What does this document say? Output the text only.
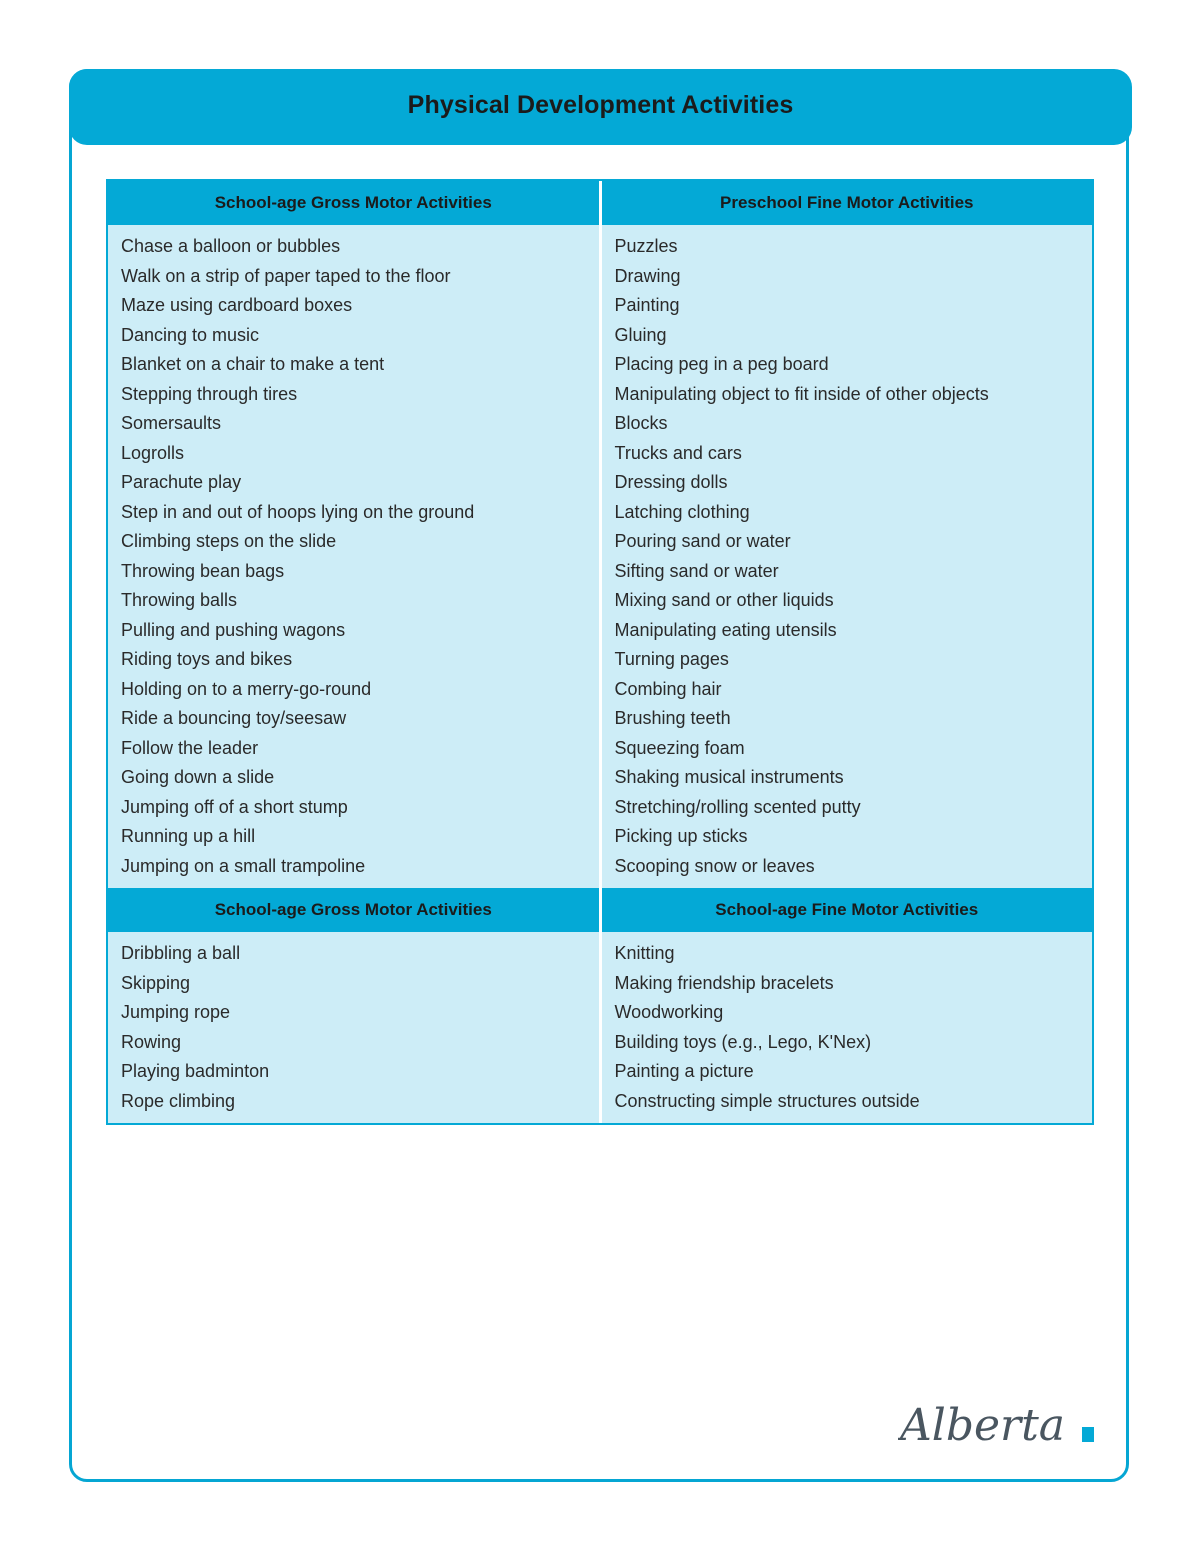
Physical Development Activities
School-age Gross Motor Activities	Preschool Fine Motor Activities
Chase a balloon or bubbles
Walk on a strip of paper taped to the floor
Maze using cardboard boxes
Dancing to music
Blanket on a chair to make a tent
Stepping through tires
Somersaults
Logrolls
Parachute play
Step in and out of hoops lying on the ground
Climbing steps on the slide
Throwing bean bags
Throwing balls
Pulling and pushing wagons
Riding toys and bikes
Holding on to a merry-go-round
Ride a bouncing toy/seesaw
Follow the leader
Going down a slide
Jumping off of a short stump
Running up a hill
Jumping on a small trampoline
Puzzles
Drawing
Painting
Gluing
Placing peg in a peg board
Manipulating object to fit inside of other objects
Blocks
Trucks and cars
Dressing dolls
Latching clothing
Pouring sand or water
Sifting sand or water
Mixing sand or other liquids
Manipulating eating utensils
Turning pages
Combing hair
Brushing teeth
Squeezing foam
Shaking musical instruments
Stretching/rolling scented putty
Picking up sticks
Scooping snow or leaves
School-age Gross Motor Activities	School-age Fine Motor Activities
Dribbling a ball
Skipping
Jumping rope
Rowing
Playing badminton
Rope climbing
Knitting
Making friendship bracelets
Woodworking
Building toys (e.g., Lego, K'Nex)
Painting a picture
Constructing simple structures outside
Alberta
